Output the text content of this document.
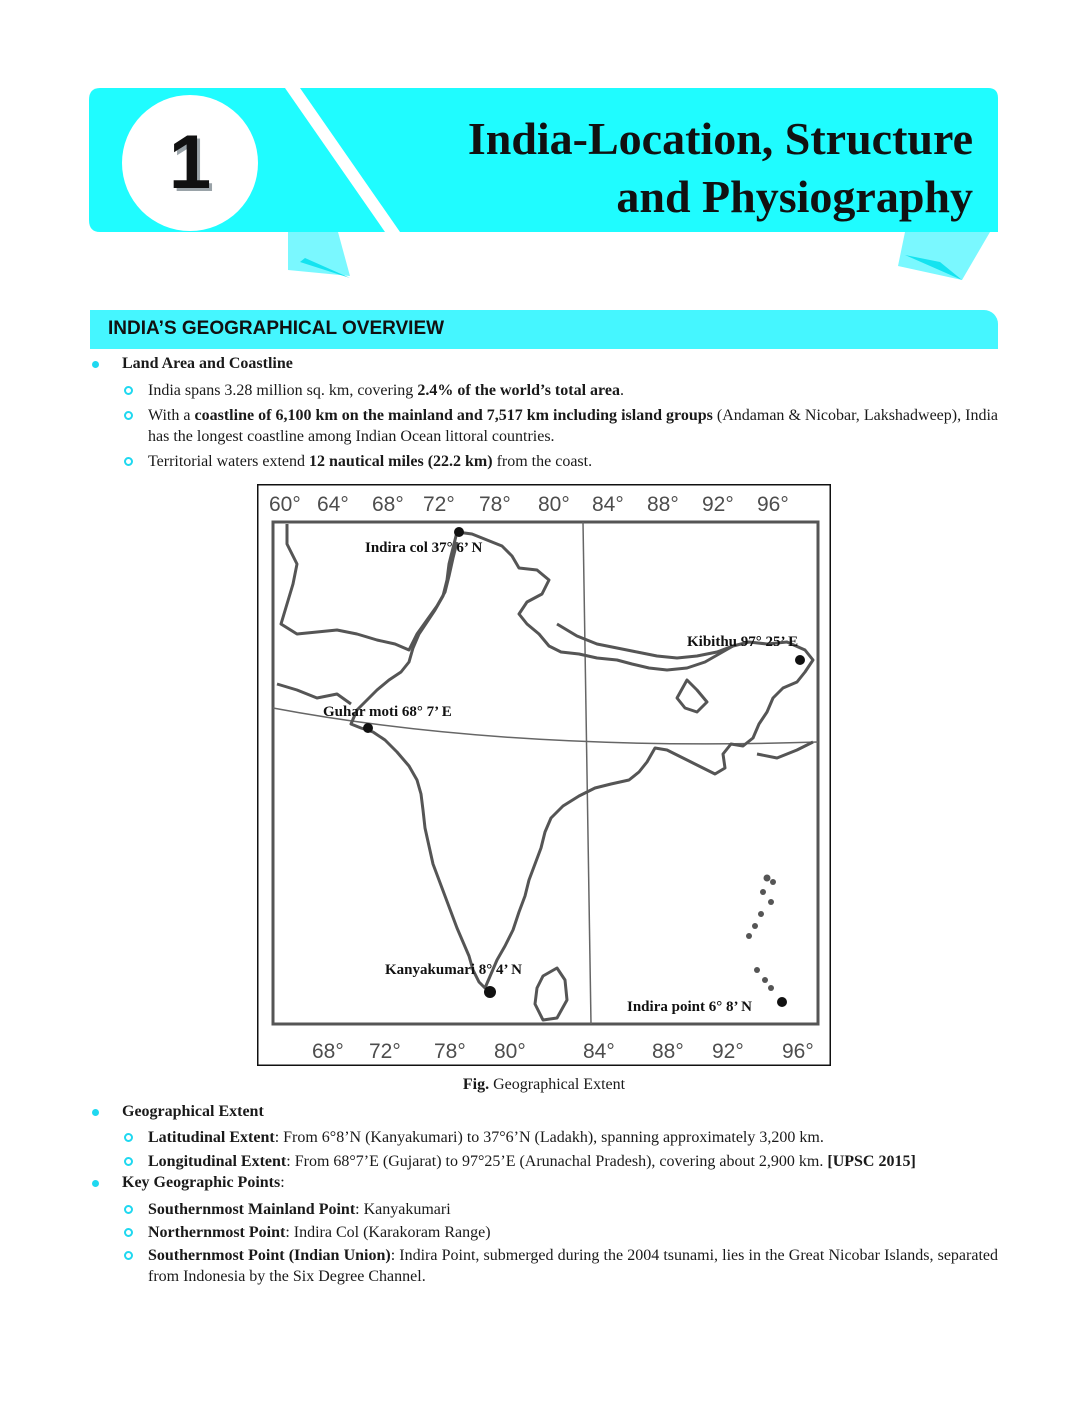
1	India-Location, Structure
and Physiography
INDIA’S GEOGRAPHICAL OVERVIEW
Land Area and Coastline
India spans 3.28 million sq. km, covering 2.4% of the world’s total area.
With a coastline of 6,100 km on the mainland and 7,517 km including island groups (Andaman & Nicobar, Lakshadweep), India has the longest coastline among Indian Ocean littoral countries.
Territorial waters extend 12 nautical miles (22.2 km) from the coast.
60° 64° 68° 72° 78° 80° 84° 88° 92° 96°
68° 72° 78° 80°	84° 88° 92° 96°
Indira col 37° 6’ N
Kibithu 97° 25’ E
Guhar moti 68° 7’ E
Kanyakumari 8° 4’ N
Indira point 6° 8’ N
Fig. Geographical Extent
Geographical Extent
Latitudinal Extent: From 6°8’N (Kanyakumari) to 37°6’N (Ladakh), spanning approximately 3,200 km.
Longitudinal Extent: From 68°7’E (Gujarat) to 97°25’E (Arunachal Pradesh), covering about 2,900 km. [UPSC 2015]
Key Geographic Points:
Southernmost Mainland Point: Kanyakumari
Northernmost Point: Indira Col (Karakoram Range)
Southernmost Point (Indian Union): Indira Point, submerged during the 2004 tsunami, lies in the Great Nicobar Islands, separated from Indonesia by the Six Degree Channel.
